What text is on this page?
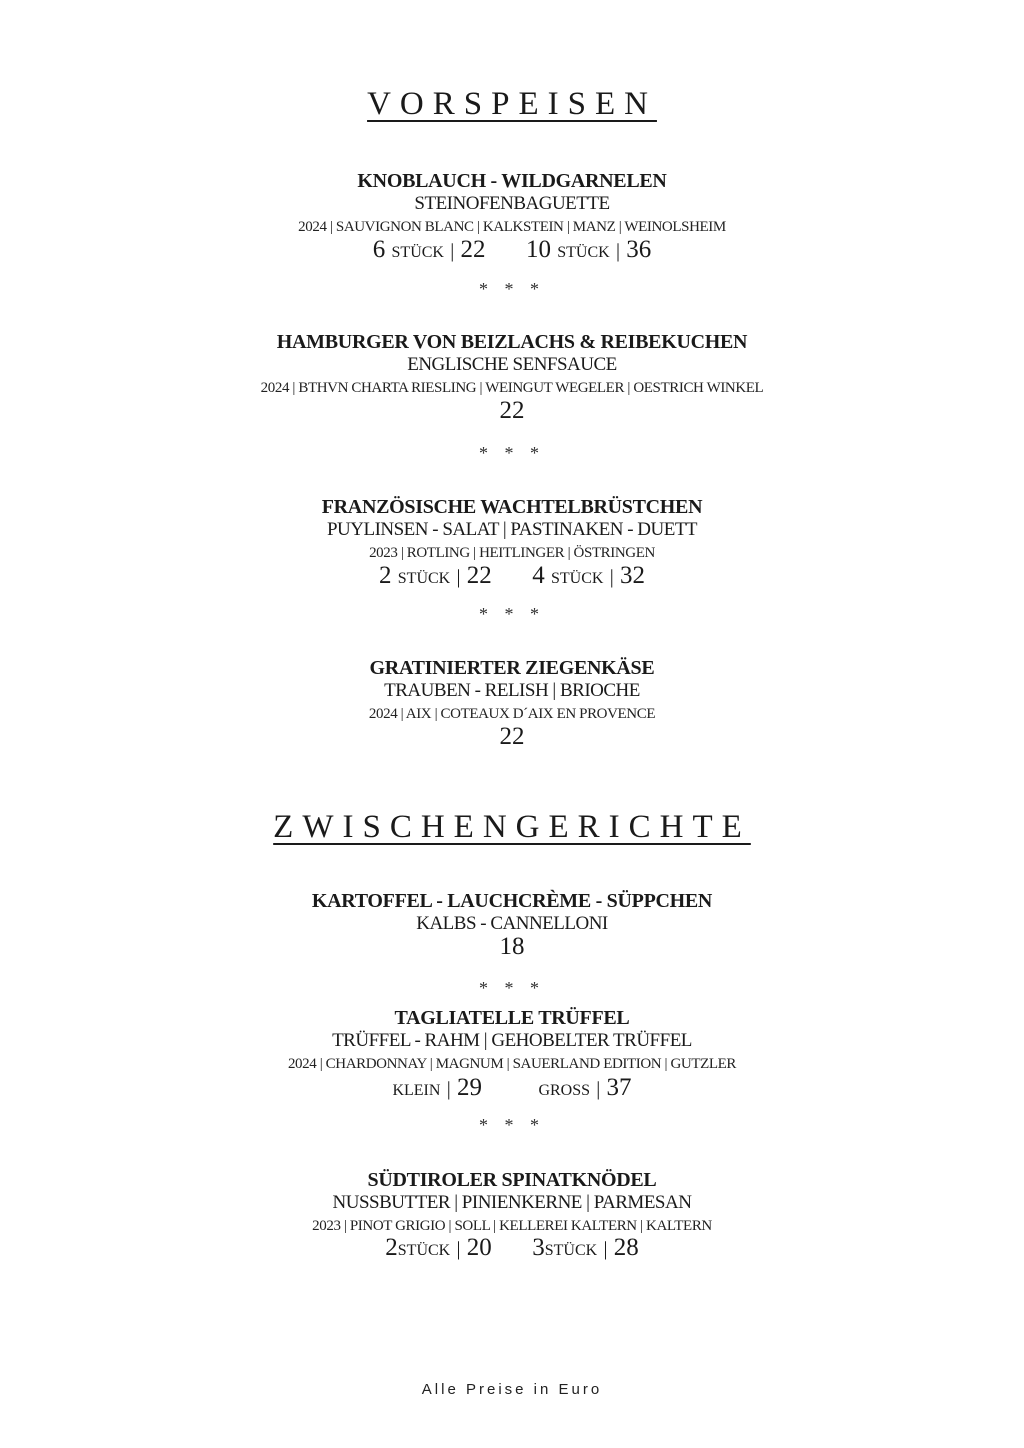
VORSPEISEN
KNOBLAUCH - WILDGARNELEN
STEINOFENBAGUETTE
2024 | SAUVIGNON BLANC | KALKSTEIN | MANZ | WEINOLSHEIM
6 STÜCK | 22 10 STÜCK | 36
* * *
HAMBURGER VON BEIZLACHS & REIBEKUCHEN
ENGLISCHE SENFSAUCE
2024 | BTHVN CHARTA RIESLING | WEINGUT WEGELER | OESTRICH WINKEL
22
* * *
FRANZÖSISCHE WACHTELBRÜSTCHEN
PUYLINSEN - SALAT | PASTINAKEN - DUETT
2023 | ROTLING | HEITLINGER | ÖSTRINGEN
2 STÜCK | 22 4 STÜCK | 32
* * *
GRATINIERTER ZIEGENKÄSE
TRAUBEN - RELISH | BRIOCHE
2024 | AIX | COTEAUX D´AIX EN PROVENCE
22
ZWISCHENGERICHTE
KARTOFFEL - LAUCHCRÈME - SÜPPCHEN
KALBS - CANNELLONI
18
* * *
TAGLIATELLE TRÜFFEL
TRÜFFEL - RAHM | GEHOBELTER TRÜFFEL
2024 | CHARDONNAY | MAGNUM | SAUERLAND EDITION | GUTZLER
KLEIN | 29	GROSS | 37
* * *
SÜDTIROLER SPINATKNÖDEL
NUSSBUTTER | PINIENKERNE | PARMESAN
2023 | PINOT GRIGIO | SOLL | KELLEREI KALTERN | KALTERN
2STÜCK | 20 3STÜCK | 28
Alle Preise in Euro
